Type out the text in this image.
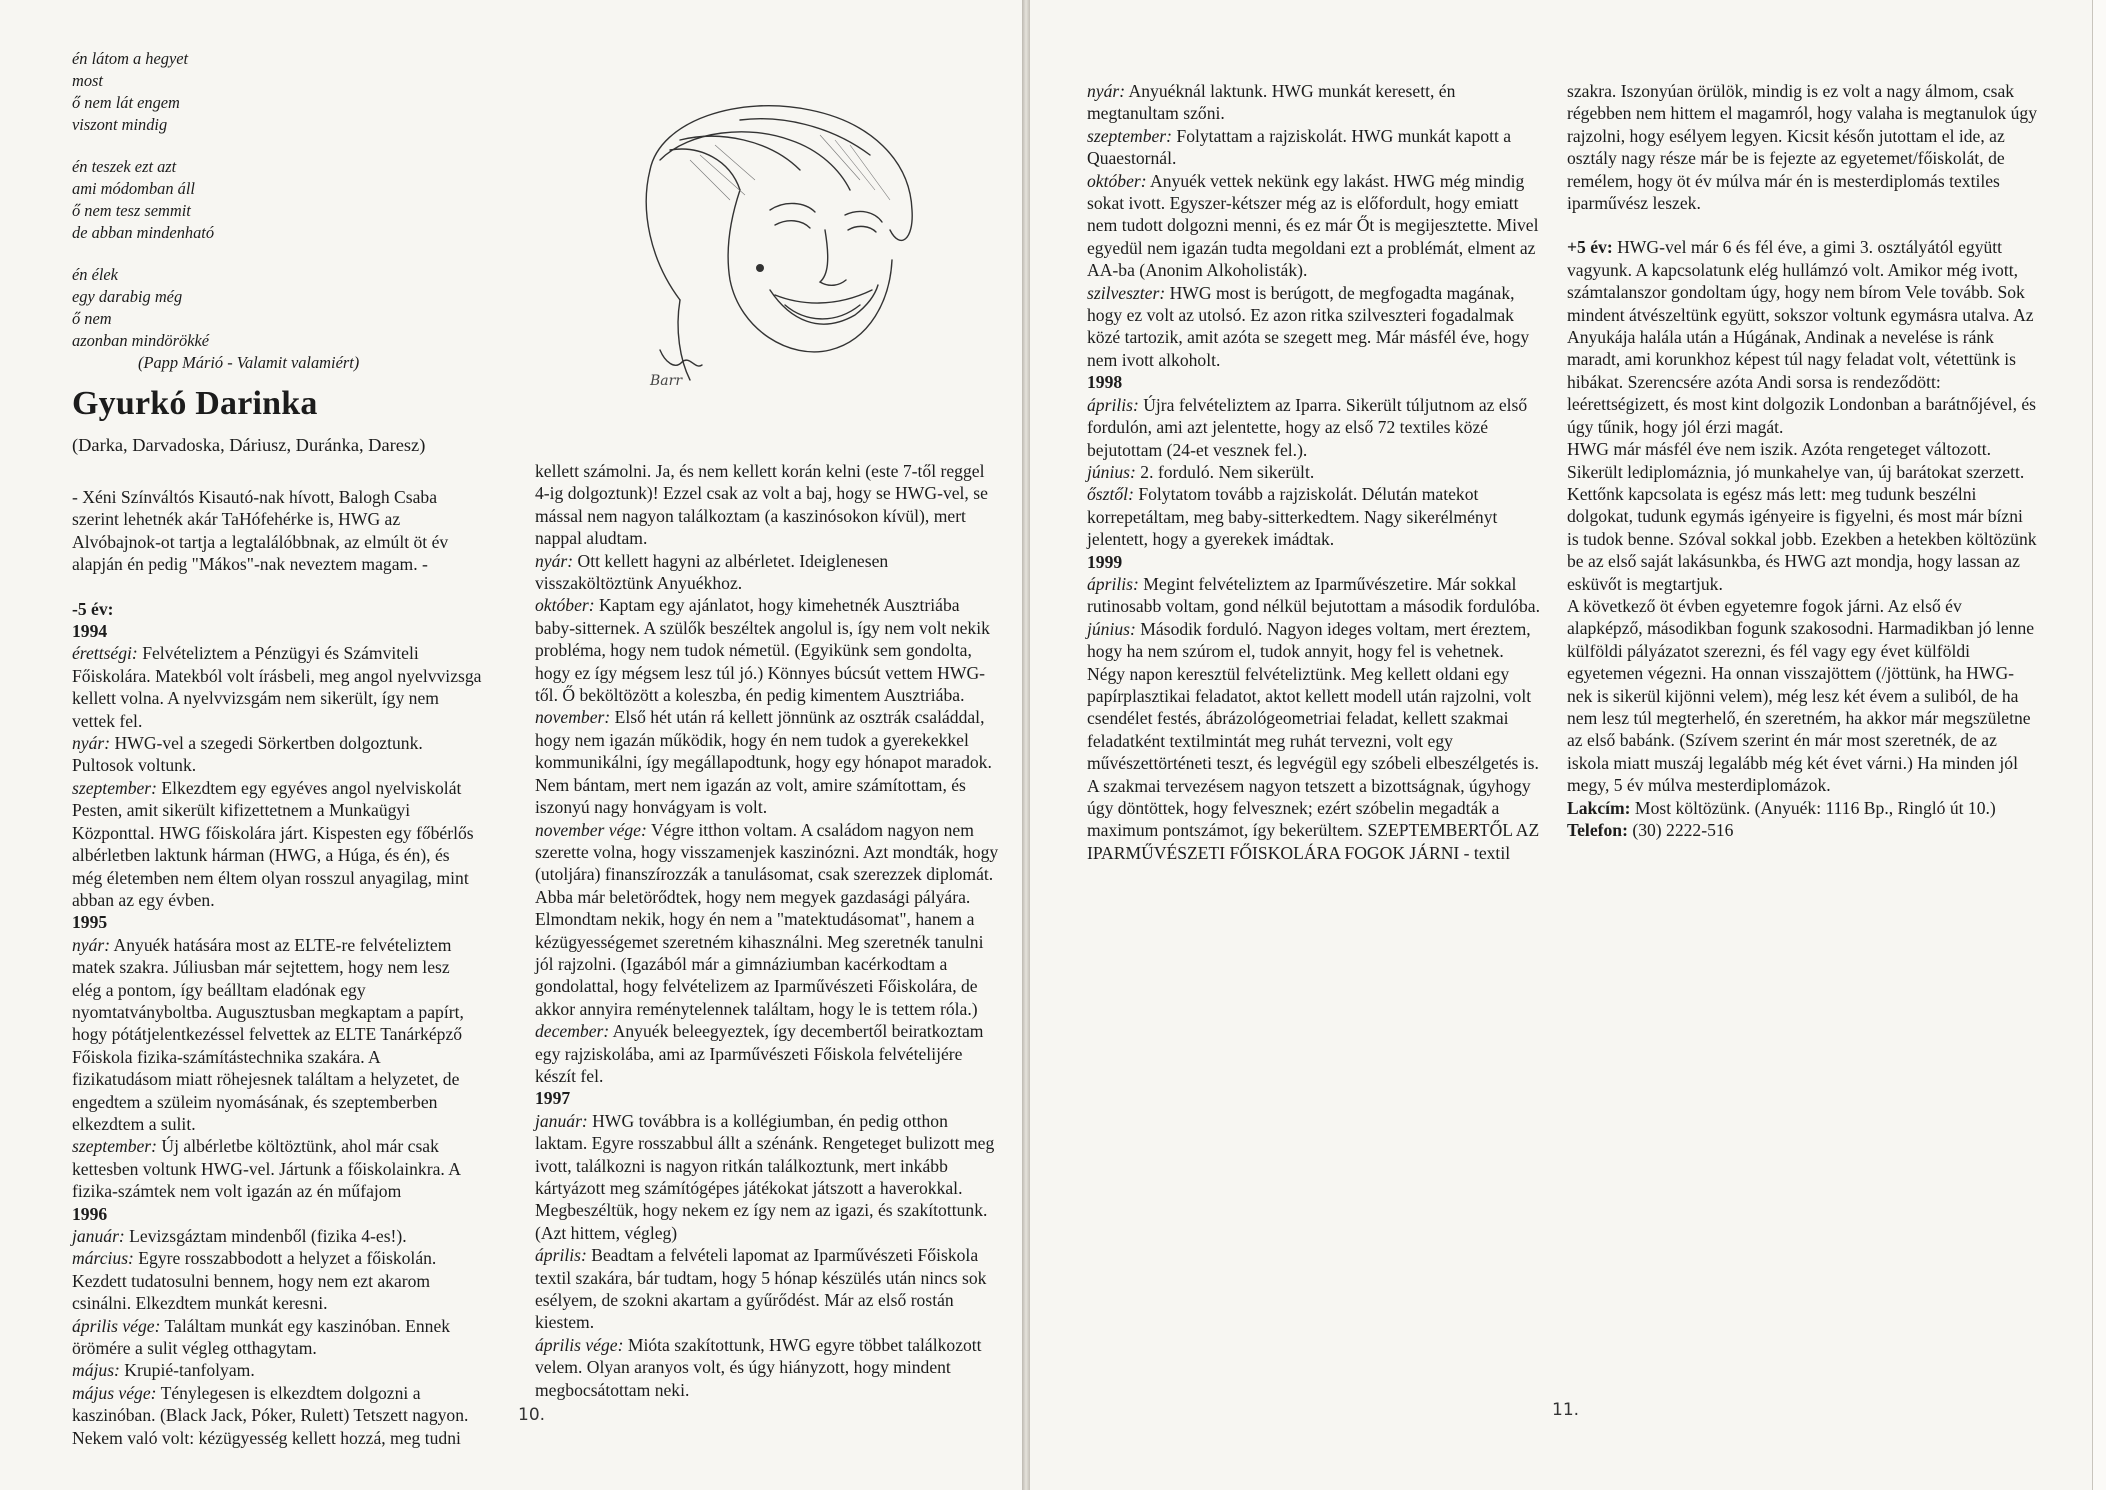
én látom a hegyet
most
ő nem lát engem
viszont mindig
én teszek ezt azt
ami módomban áll
ő nem tesz semmit
de abban mindenható
én élek
egy darabig még
ő nem
azonban mindörökké
(Papp Márió - Valamit valamiért)
Barr
Gyurkó Darinka
(Darka, Darvadoska, Dáriusz, Duránka, Daresz)

- Xéni Színváltós Kisautó-nak hívott, Balogh Csaba szerint lehetnék akár TaHófehérke is, HWG az Alvóbajnok-ot tartja a legtalálóbbnak, az elmúlt öt év alapján én pedig "Mákos"-nak neveztem magam. -

-5 év:

1994

érettségi: Felvételiztem a Pénzügyi és Számviteli Főiskolára. Matekból volt írásbeli, meg angol nyelvvizsga kellett volna. A nyelvvizsgám nem sikerült, így nem vettek fel.

nyár: HWG-vel a szegedi Sörkertben dolgoztunk. Pultosok voltunk.

szeptember: Elkezdtem egy egyéves angol nyelviskolát Pesten, amit sikerült kifizettetnem a Munkaügyi Központtal. HWG főiskolára járt. Kispesten egy főbérlős albérletben laktunk hárman (HWG, a Húga, és én), és még életemben nem éltem olyan rosszul anyagilag, mint abban az egy évben.

1995

nyár: Anyuék hatására most az ELTE-re felvételiztem matek szakra. Júliusban már sejtettem, hogy nem lesz elég a pontom, így beálltam eladónak egy nyomtatványboltba. Augusztusban megkaptam a papírt, hogy pótátjelentkezéssel felvettek az ELTE Tanárképző Főiskola fizika-számítástechnika szakára. A fizikatudásom miatt röhejesnek találtam a helyzetet, de engedtem a szüleim nyomásának, és szeptemberben elkezdtem a sulit.

szeptember: Új albérletbe költöztünk, ahol már csak kettesben voltunk HWG-vel. Jártunk a főiskolainkra. A fizika-számtek nem volt igazán az én műfajom

1996

január: Levizsgáztam mindenből (fizika 4-es!).

március: Egyre rosszabbodott a helyzet a főiskolán. Kezdett tudatosulni bennem, hogy nem ezt akarom csinálni. Elkezdtem munkát keresni.

április vége: Találtam munkát egy kaszinóban. Ennek örömére a sulit végleg otthagytam.

május: Krupié-tanfolyam.

május vége: Ténylegesen is elkezdtem dolgozni a kaszinóban. (Black Jack, Póker, Rulett) Tetszett nagyon. Nekem való volt: kézügyesség kellett hozzá, meg tudni

kellett számolni. Ja, és nem kellett korán kelni (este 7-től reggel 4-ig dolgoztunk)! Ezzel csak az volt a baj, hogy se HWG-vel, se mással nem nagyon találkoztam (a kaszinósokon kívül), mert nappal aludtam.

nyár: Ott kellett hagyni az albérletet. Ideiglenesen visszaköltöztünk Anyuékhoz.

október: Kaptam egy ajánlatot, hogy kimehetnék Ausztriába baby-sitternek. A szülők beszéltek angolul is, így nem volt nekik probléma, hogy nem tudok németül. (Egyikünk sem gondolta, hogy ez így mégsem lesz túl jó.) Könnyes búcsút vettem HWG-től. Ő beköltözött a koleszba, én pedig kimentem Ausztriába.

november: Első hét után rá kellett jönnünk az osztrák családdal, hogy nem igazán működik, hogy én nem tudok a gyerekekkel kommunikálni, így megállapodtunk, hogy egy hónapot maradok. Nem bántam, mert nem igazán az volt, amire számítottam, és iszonyú nagy honvágyam is volt.

november vége: Végre itthon voltam. A családom nagyon nem szerette volna, hogy visszamenjek kaszinózni. Azt mondták, hogy (utoljára) finanszírozzák a tanulásomat, csak szerezzek diplomát. Abba már beletörődtek, hogy nem megyek gazdasági pályára. Elmondtam nekik, hogy én nem a "matektudásomat", hanem a kézügyességemet szeretném kihasználni. Meg szeretnék tanulni jól rajzolni. (Igazából már a gimnáziumban kacérkodtam a gondolattal, hogy felvételizem az Iparművészeti Főiskolára, de akkor annyira reménytelennek találtam, hogy le is tettem róla.)

december: Anyuék beleegyeztek, így decembertől beiratkoztam egy rajziskolába, ami az Iparművészeti Főiskola felvételijére készít fel.

1997

január: HWG továbbra is a kollégiumban, én pedig otthon laktam. Egyre rosszabbul állt a szénánk. Rengeteget bulizott meg ivott, találkozni is nagyon ritkán találkoztunk, mert inkább kártyázott meg számítógépes játékokat játszott a haverokkal. Megbeszéltük, hogy nekem ez így nem az igazi, és szakítottunk. (Azt hittem, végleg)

április: Beadtam a felvételi lapomat az Iparművészeti Főiskola textil szakára, bár tudtam, hogy 5 hónap készülés után nincs sok esélyem, de szokni akartam a gyűrődést. Már az első rostán kiestem.

április vége: Mióta szakítottunk, HWG egyre többet találkozott velem. Olyan aranyos volt, és úgy hiányzott, hogy mindent megbocsátottam neki.

10.

nyár: Anyuéknál laktunk. HWG munkát keresett, én megtanultam szőni.

szeptember: Folytattam a rajziskolát. HWG munkát kapott a Quaestornál.

október: Anyuék vettek nekünk egy lakást. HWG még mindig sokat ivott. Egyszer-kétszer még az is előfordult, hogy emiatt nem tudott dolgozni menni, és ez már Őt is megijesztette. Mivel egyedül nem igazán tudta megoldani ezt a problémát, elment az AA-ba (Anonim Alkoholisták).

szilveszter: HWG most is berúgott, de megfogadta magának, hogy ez volt az utolsó. Ez azon ritka szilveszteri fogadalmak közé tartozik, amit azóta se szegett meg. Már másfél éve, hogy nem ivott alkoholt.

1998

április: Újra felvételiztem az Iparra. Sikerült túljutnom az első fordulón, ami azt jelentette, hogy az első 72 textiles közé bejutottam (24-et vesznek fel.).

június: 2. forduló. Nem sikerült.

ősztől: Folytatom tovább a rajziskolát. Délután matekot korrepetáltam, meg baby-sitterkedtem. Nagy sikerélményt jelentett, hogy a gyerekek imádtak.

1999

április: Megint felvételiztem az Iparművészetire. Már sokkal rutinosabb voltam, gond nélkül bejutottam a második fordulóba.

június: Második forduló. Nagyon ideges voltam, mert éreztem, hogy ha nem szúrom el, tudok annyit, hogy fel is vehetnek. Négy napon keresztül felvételiztünk. Meg kellett oldani egy papírplasztikai feladatot, aktot kellett modell után rajzolni, volt csendélet festés, ábrázológeometriai feladat, kellett szakmai feladatként textilmintát meg ruhát tervezni, volt egy művészettörténeti teszt, és legvégül egy szóbeli elbeszélgetés is. A szakmai tervezésem nagyon tetszett a bizottságnak, úgyhogy úgy döntöttek, hogy felvesznek; ezért szóbelin megadták a maximum pontszámot, így bekerültem. SZEPTEMBERTŐL AZ IPARMŰVÉSZETI FŐISKOLÁRA FOGOK JÁRNI - textil

szakra. Iszonyúan örülök, mindig is ez volt a nagy álmom, csak régebben nem hittem el magamról, hogy valaha is megtanulok úgy rajzolni, hogy esélyem legyen. Kicsit későn jutottam el ide, az osztály nagy része már be is fejezte az egyetemet/főiskolát, de remélem, hogy öt év múlva már én is mesterdiplomás textiles iparművész leszek.

+5 év: HWG-vel már 6 és fél éve, a gimi 3. osztályától együtt vagyunk. A kapcsolatunk elég hullámzó volt. Amikor még ivott, számtalanszor gondoltam úgy, hogy nem bírom Vele tovább. Sok mindent átvészeltünk együtt, sokszor voltunk egymásra utalva. Az Anyukája halála után a Húgának, Andinak a nevelése is ránk maradt, ami korunkhoz képest túl nagy feladat volt, vétettünk is hibákat. Szerencsére azóta Andi sorsa is rendeződött: leérettségizett, és most kint dolgozik Londonban a barátnőjével, és úgy tűnik, hogy jól érzi magát.

HWG már másfél éve nem iszik. Azóta rengeteget változott. Sikerült lediplomáznia, jó munkahelye van, új barátokat szerzett. Kettőnk kapcsolata is egész más lett: meg tudunk beszélni dolgokat, tudunk egymás igényeire is figyelni, és most már bízni is tudok benne. Szóval sokkal jobb. Ezekben a hetekben költözünk be az első saját lakásunkba, és HWG azt mondja, hogy lassan az esküvőt is megtartjuk.

A következő öt évben egyetemre fogok járni. Az első év alapképző, másodikban fogunk szakosodni. Harmadikban jó lenne külföldi pályázatot szerezni, és fél vagy egy évet külföldi egyetemen végezni. Ha onnan visszajöttem (/jöttünk, ha HWG-nek is sikerül kijönni velem), még lesz két évem a suliból, de ha nem lesz túl megterhelő, én szeretném, ha akkor már megszületne az első babánk. (Szívem szerint én már most szeretnék, de az iskola miatt muszáj legalább még két évet várni.) Ha minden jól megy, 5 év múlva mesterdiplomázok.

Lakcím: Most költözünk. (Anyuék: 1116 Bp., Ringló út 10.)

Telefon: (30) 2222-516

11.
